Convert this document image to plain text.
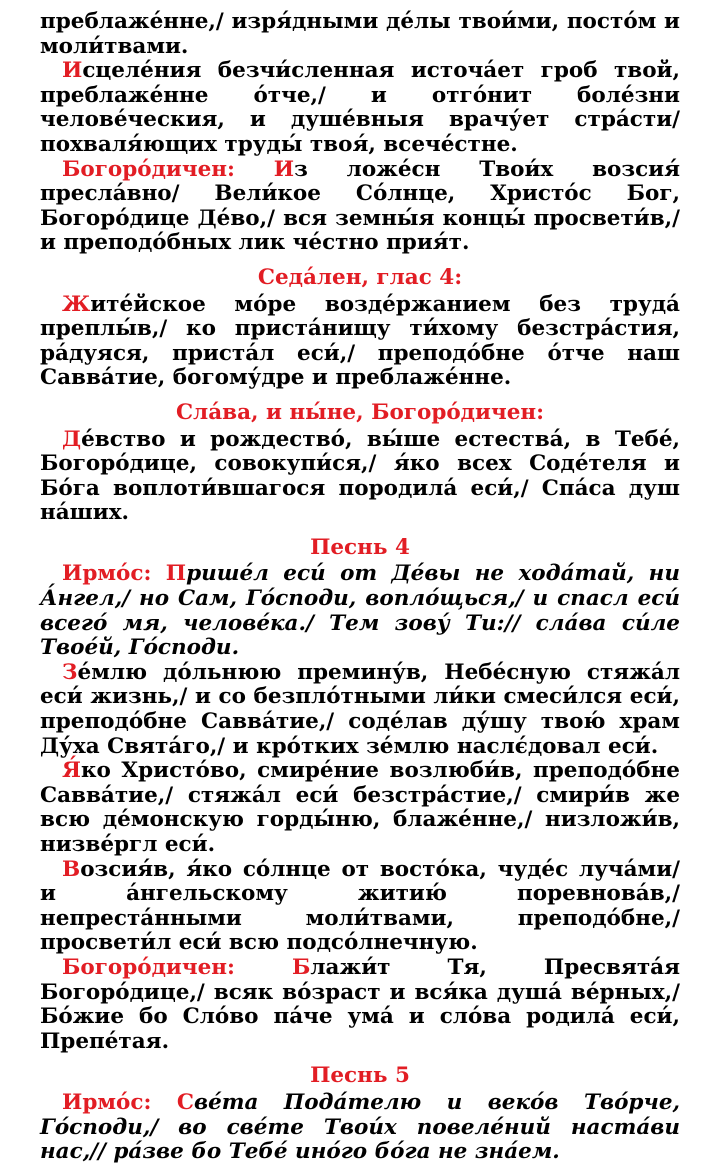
преблаже́нне,/ изря́дными де́лы твои́ми, посто́м и моли́твами.

Исцеле́ния безчи́сленная источа́ет гроб твой, преблаже́нне о́тче,/ и отго́нит боле́зни челове́ческия, и душе́вныя врачу́ет стра́сти/ похваля́ющих труды́ твоя́, всече́стне.

Богоро́дичен: Из ложе́сн Твои́х возсия́ пресла́вно/ Вели́кое Со́лнце, Христо́с Бог, Богоро́дице Де́во,/ вся земны́я концы́ просвети́в,/ и преподо́бных лик че́стно прия́т.

Седа́лен, глас 4:

Жите́йское мо́ре возде́ржанием без труда́ преплы́в,/ ко приста́нищу ти́хому безстра́стия, ра́дуяся, приста́л еси́,/ преподо́бне о́тче наш Савва́тие, богому́дре и преблаже́нне.

Сла́ва, и ны́не, Богоро́дичен:

Де́вство и рождество́, вы́ше естества́, в Тебе́, Богоро́дице, совокупи́ся,/ я́ко всех Соде́теля и Бо́га воплоти́вшагося породила́ еси́,/ Спа́са душ на́ших.

Песнь 4

Ирмо́с: Прише́л еси́ от Де́вы не хода́тай, ни А́нгел,/ но Сам, Го́споди, вопло́щься,/ и спасл еси́ всего́ мя, челове́ка./ Тем зову́ Ти:// сла́ва си́ле Твое́й, Го́споди.

Зе́млю до́льнюю премину́в, Небе́сную стяжа́л еси́ жизнь,/ и со безпло́тными ли́ки смеси́лся еси́, преподо́бне Савва́тие,/ соде́лав ду́шу твою́ храм Ду́ха Свята́го,/ и кро́тких зе́млю наслє́довал еси́.

Я́ко Христо́во, смире́ние возлюби́в, преподо́бне Савва́тие,/ стяжа́л еси́ безстра́стие,/ смири́в же всю де́монскую горды́ню, блаже́нне,/ низложи́в, низве́ргл еси́.

Возсия́в, я́ко со́лнце от восто́ка, чуде́с луча́ми/ и а́нгельскому житию́ поревнова́в,/ непреста́нными моли́твами, преподо́бне,/ просвети́л еси́ всю подсо́лнечную.

Богоро́дичен: Блажи́т Тя, Пресвята́я Богоро́дице,/ всяк во́зраст и вся́ка душа́ ве́рных,/ Бо́жие бо Сло́во па́че ума́ и сло́ва родила́ еси́, Препе́тая.

Песнь 5

Ирмо́с: Све́та Пода́телю и веко́в Тво́рче, Го́споди,/ во све́те Твои́х повеле́ний наста́ви нас,// ра́зве бо Тебе́ ино́го бо́га не зна́ем.
